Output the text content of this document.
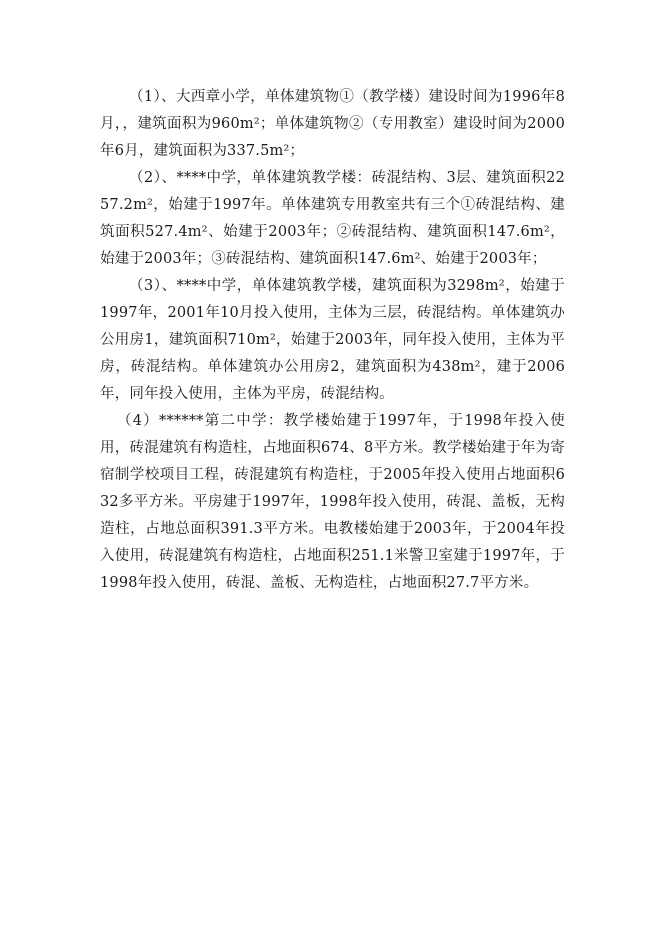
（1）、大西章小学，单体建筑物①（教学楼）建设时间为1996年8月，，建筑面积为960m²；单体建筑物②（专用教室）建设时间为2000年6月，建筑面积为337.5m²；

（2）、****中学，单体建筑教学楼：砖混结构、3层、建筑面积2257.2m²，始建于1997年。单体建筑专用教室共有三个①砖混结构、建筑面积527.4m²、始建于2003年；②砖混结构、建筑面积147.6m²，始建于2003年；③砖混结构、建筑面积147.6m²、始建于2003年；

（3）、****中学，单体建筑教学楼，建筑面积为3298m²，始建于1997年，2001年10月投入使用，主体为三层，砖混结构。单体建筑办公用房1，建筑面积710m²，始建于2003年，同年投入使用，主体为平房，砖混结构。单体建筑办公用房2，建筑面积为438m²，建于2006年，同年投入使用，主体为平房，砖混结构。

（4）******第二中学：教学楼始建于1997年，于1998年投入使用，砖混建筑有构造柱，占地面积674、8平方米。教学楼始建于年为寄宿制学校项目工程，砖混建筑有构造柱，于2005年投入使用占地面积632多平方米。平房建于1997年，1998年投入使用，砖混、盖板，无构造柱，占地总面积391.3平方米。电教楼始建于2003年，于2004年投入使用，砖混建筑有构造柱，占地面积251.1米警卫室建于1997年，于1998年投入使用，砖混、盖板、无构造柱，占地面积27.7平方米。
